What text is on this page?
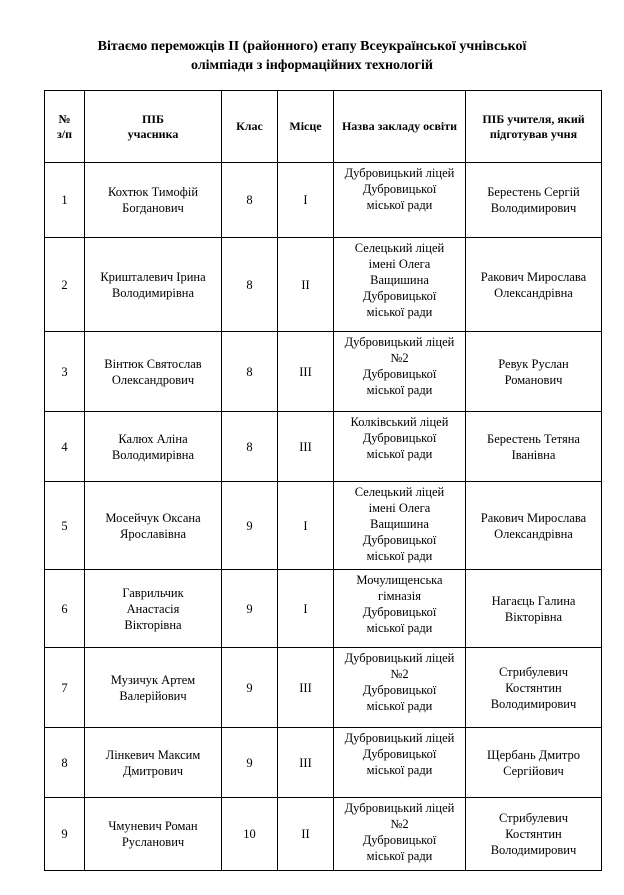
Вітаємо переможців ІІ (районного) етапу Всеукраїнської учнівської
олімпіади з інформаційних технологій
№
з/п	ПІБ
учасника	Клас	Місце	Назва закладу освіти	ПІБ учителя, який
підготував учня

1	Кохтюк Тимофій
Богданович	8	І	Дубровицький ліцей
Дубровицької
міської ради	Берестень Сергій
Володимирович

2	Кришталевич Ірина
Володимирівна	8	ІІ	Селецький ліцей
імені Олега
Ващишина
Дубровицької
міської ради	Ракович Мирослава
Олександрівна

3	Вінтюк Святослав
Олександрович	8	ІІІ	Дубровицький ліцей
№2
Дубровицької
міської ради	Ревук Руслан
Романович

4	Калюх Аліна
Володимирівна	8	ІІІ	Колківський ліцей
Дубровицької
міської ради	Берестень Тетяна
Іванівна

5	Мосейчук Оксана
Ярославівна	9	І	Селецький ліцей
імені Олега
Ващишина
Дубровицької
міської ради	Ракович Мирослава
Олександрівна

6	Гаврильчик
Анастасія
Вікторівна	9	І	Мочулищенська
гімназія
Дубровицької
міської ради	Нагаєць Галина
Вікторівна

7	Музичук Артем
Валерійович	9	ІІІ	Дубровицький ліцей
№2
Дубровицької
міської ради	Стрибулевич
Костянтин
Володимирович

8	Лінкевич Максим
Дмитрович	9	ІІІ	Дубровицький ліцей
Дубровицької
міської ради	Щербань Дмитро
Сергійович

9	Чмуневич Роман
Русланович	10	ІІ	Дубровицький ліцей
№2
Дубровицької
міської ради	Стрибулевич
Костянтин
Володимирович
